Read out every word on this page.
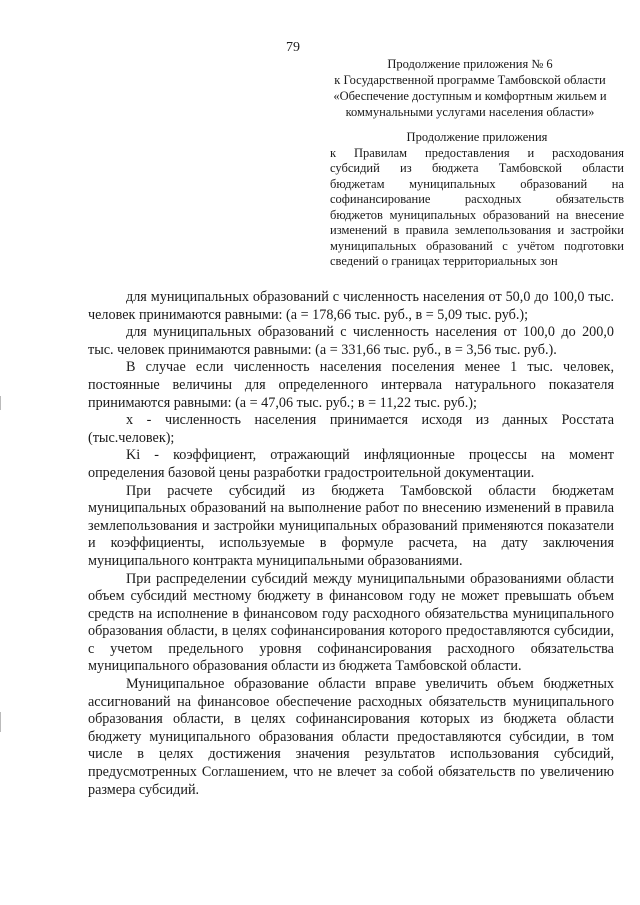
79
Продолжение приложения № 6
к Государственной программе Тамбовской области
«Обеспечение доступным и комфортным жильем и
коммунальными услугами населения области»
Продолжение приложения
к Правилам предоставления и расходования
субсидий из бюджета Тамбовской области
бюджетам муниципальных образований на
софинансирование расходных обязательств
бюджетов муниципальных образований на внесение
изменений в правила землепользования и застройки
муниципальных образований с учётом подготовки
сведений о границах территориальных зон

для муниципальных образований с численность населения от 50,0 до 100,0 тыс. человек принимаются равными: (а = 178,66 тыс. руб., в = 5,09 тыс. руб.);

для муниципальных образований с численность населения от 100,0 до 200,0 тыс. человек принимаются равными: (а = 331,66 тыс. руб., в = 3,56 тыс. руб.).

В случае если численность населения поселения менее 1 тыс. человек, постоянные величины для определенного интервала натурального показателя принимаются равными: (а = 47,06 тыс. руб.; в = 11,22 тыс. руб.);

х - численность населения принимается исходя из данных Росстата (тыс.человек);

Ki - коэффициент, отражающий инфляционные процессы на момент определения базовой цены разработки градостроительной документации.

При расчете субсидий из бюджета Тамбовской области бюджетам муниципальных образований на выполнение работ по внесению изменений в правила землепользования и застройки муниципальных образований применяются показатели и коэффициенты, используемые в формуле расчета, на дату заключения муниципального контракта муниципальными образованиями.

При распределении субсидий между муниципальными образованиями области объем субсидий местному бюджету в финансовом году не может превышать объем средств на исполнение в финансовом году расходного обязательства муниципального образования области, в целях софинансирования которого предоставляются субсидии, с учетом предельного уровня софинансирования расходного обязательства муниципального образования области из бюджета Тамбовской области.

Муниципальное образование области вправе увеличить объем бюджетных ассигнований на финансовое обеспечение расходных обязательств муниципального образования области, в целях софинансирования которых из бюджета области бюджету муниципального образования области предоставляются субсидии, в том числе в целях достижения значения результатов использования субсидий, предусмотренных Соглашением, что не влечет за собой обязательств по увеличению размера субсидий.
